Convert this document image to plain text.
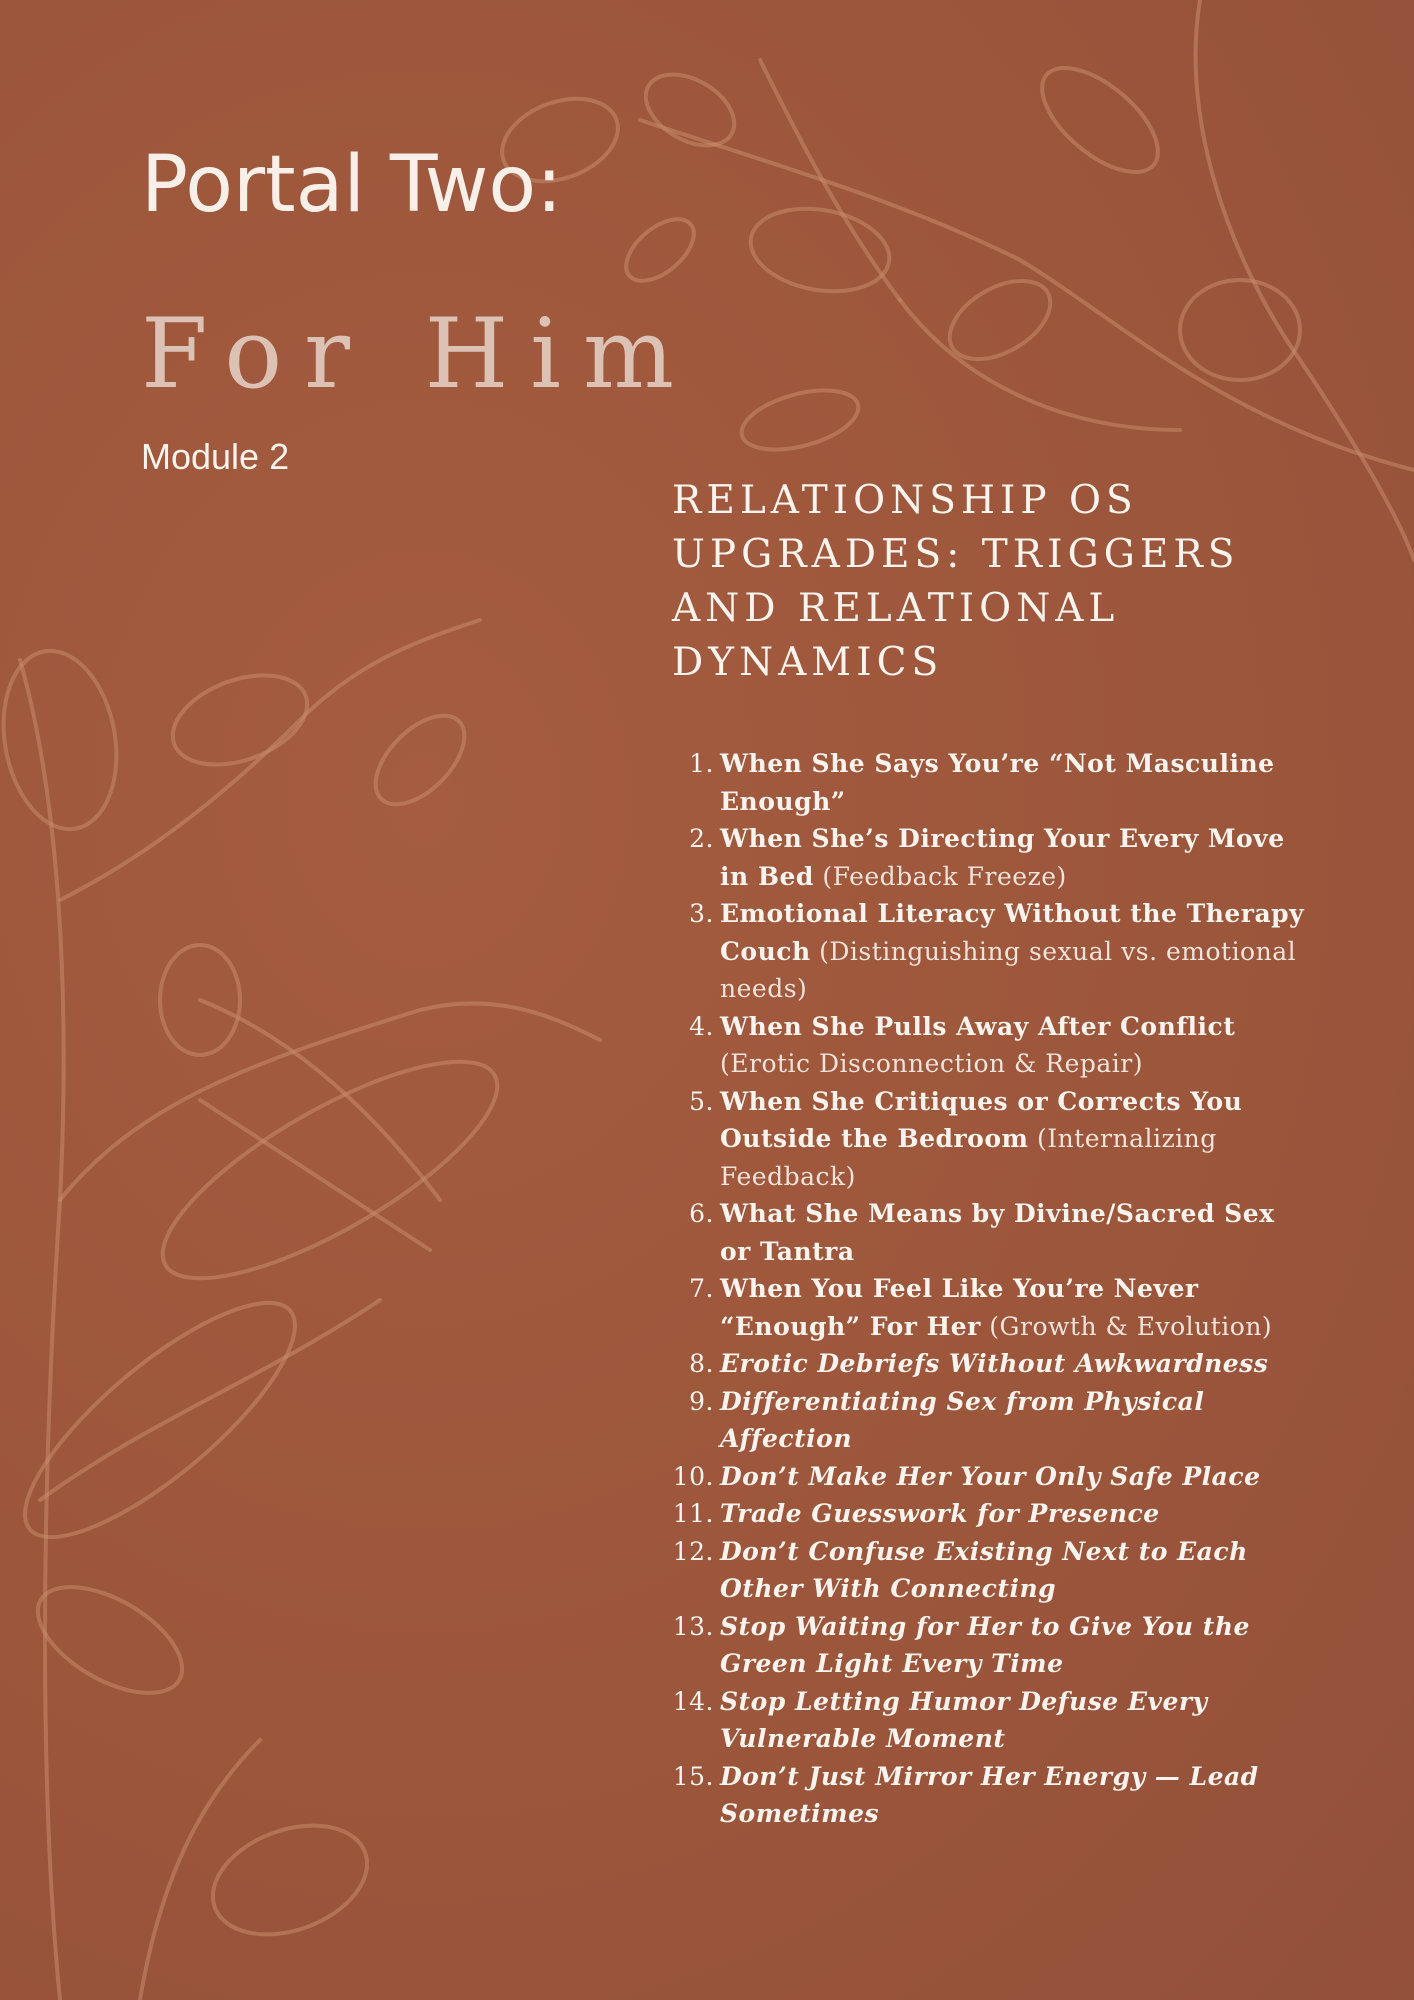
Portal Two:
For Him
Module 2
RELATIONSHIP OS UPGRADES: TRIGGERS AND RELATIONAL DYNAMICS
1. When She Says You’re “Not Masculine Enough”
2. When She’s Directing Your Every Move in Bed (Feedback Freeze)
3. Emotional Literacy Without the Therapy Couch (Distinguishing sexual vs. emotional needs)
4. When She Pulls Away After Conflict (Erotic Disconnection & Repair)
5. When She Critiques or Corrects You Outside the Bedroom (Internalizing Feedback)
6. What She Means by Divine/Sacred Sex or Tantra
7. When You Feel Like You’re Never “Enough” For Her (Growth & Evolution)
8. Erotic Debriefs Without Awkwardness
9. Differentiating Sex from Physical Affection
10. Don’t Make Her Your Only Safe Place
11. Trade Guesswork for Presence
12. Don’t Confuse Existing Next to Each Other With Connecting
13. Stop Waiting for Her to Give You the Green Light Every Time
14. Stop Letting Humor Defuse Every Vulnerable Moment
15. Don’t Just Mirror Her Energy — Lead Sometimes
